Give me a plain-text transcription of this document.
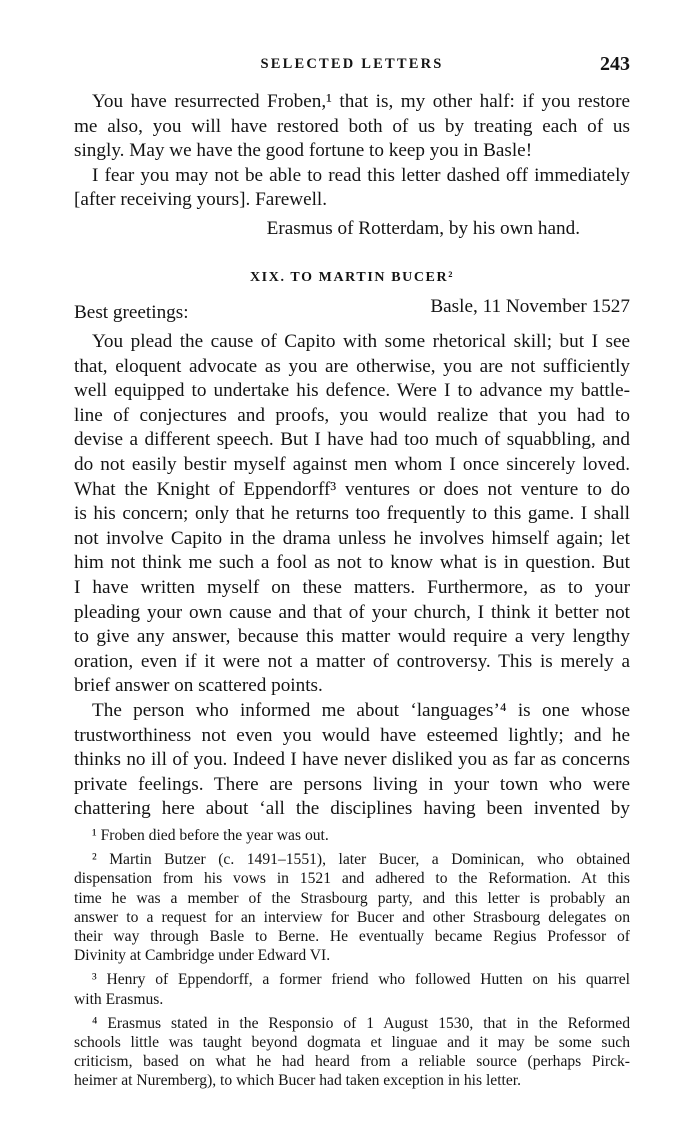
SELECTED LETTERS	243
You have resurrected Froben,¹ that is, my other half: if you restore
me also, you will have restored both of us by treating each of us
singly. May we have the good fortune to keep you in Basle!
I fear you may not be able to read this letter dashed off immediately
[after receiving yours]. Farewell.
Erasmus of Rotterdam, by his own hand.
XIX. TO MARTIN BUCER²
Best greetings:	Basle, 11 November 1527
You plead the cause of Capito with some rhetorical skill; but I see
that, eloquent advocate as you are otherwise, you are not sufficiently
well equipped to undertake his defence. Were I to advance my battle-
line of conjectures and proofs, you would realize that you had to
devise a different speech. But I have had too much of squabbling, and
do not easily bestir myself against men whom I once sincerely loved.
What the Knight of Eppendorff³ ventures or does not venture to do
is his concern; only that he returns too frequently to this game. I shall
not involve Capito in the drama unless he involves himself again; let
him not think me such a fool as not to know what is in question. But
I have written myself on these matters. Furthermore, as to your
pleading your own cause and that of your church, I think it better not
to give any answer, because this matter would require a very lengthy
oration, even if it were not a matter of controversy. This is merely a
brief answer on scattered points.
The person who informed me about ‘languages’⁴ is one whose
trustworthiness not even you would have esteemed lightly; and he
thinks no ill of you. Indeed I have never disliked you as far as concerns
private feelings. There are persons living in your town who were
chattering here about ‘all the disciplines having been invented by
¹ Froben died before the year was out.
² Martin Butzer (c. 1491–1551), later Bucer, a Dominican, who obtained
dispensation from his vows in 1521 and adhered to the Reformation. At this
time he was a member of the Strasbourg party, and this letter is probably an
answer to a request for an interview for Bucer and other Strasbourg delegates on
their way through Basle to Berne. He eventually became Regius Professor of
Divinity at Cambridge under Edward VI.
³ Henry of Eppendorff, a former friend who followed Hutten on his quarrel
with Erasmus.
⁴ Erasmus stated in the Responsio of 1 August 1530, that in the Reformed
schools little was taught beyond dogmata et linguae and it may be some such
criticism, based on what he had heard from a reliable source (perhaps Pirck-
heimer at Nuremberg), to which Bucer had taken exception in his letter.
